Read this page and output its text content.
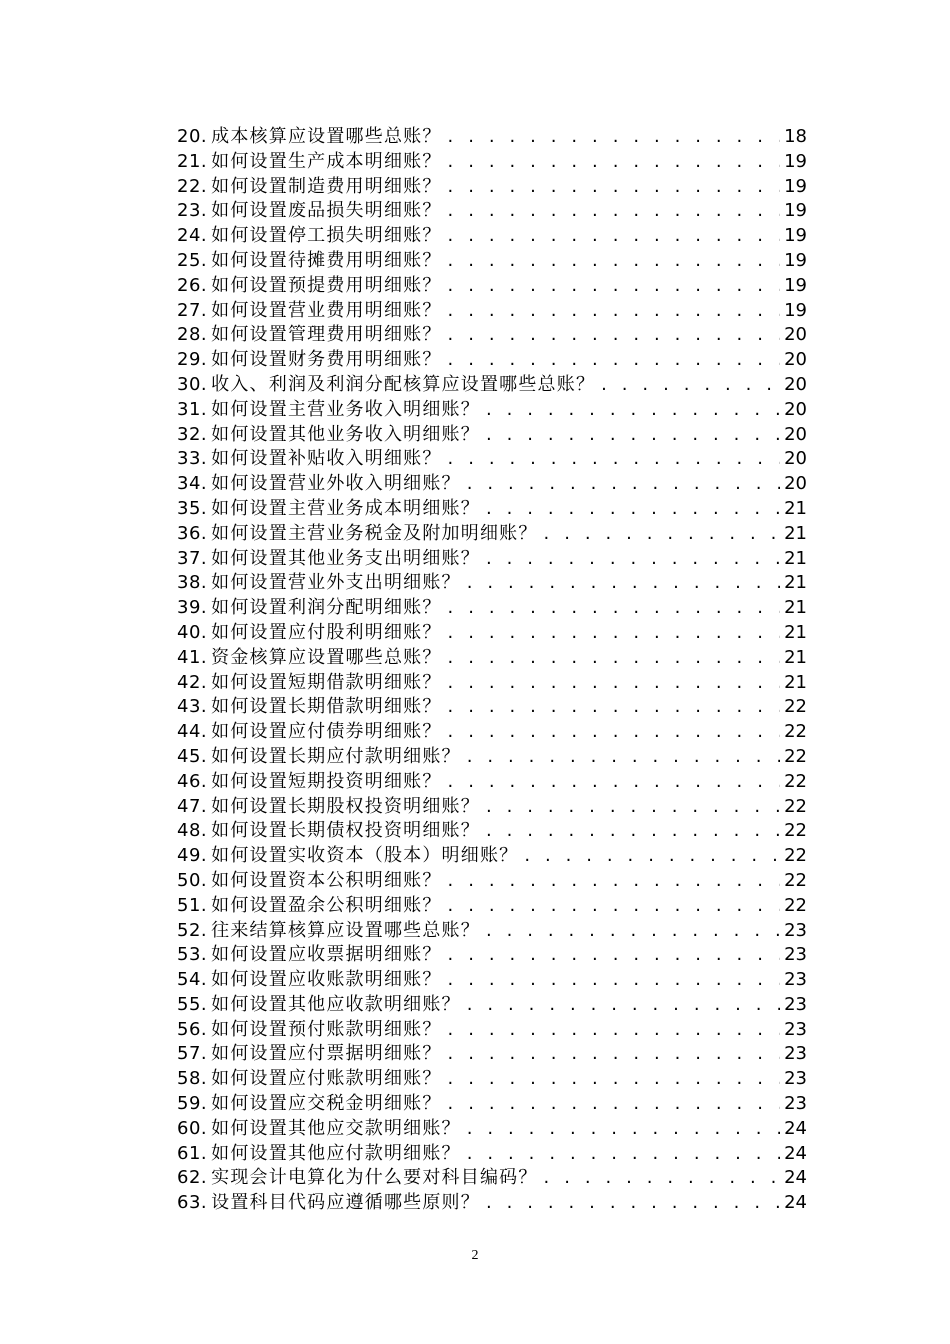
20. 成本核算应设置哪些总账？ . . .	18
21. 如何设置生产成本明细账？ . . .	19
22. 如何设置制造费用明细账？ . . .	19
23. 如何设置废品损失明细账？ . . .	19
24. 如何设置停工损失明细账？ . . .	19
25. 如何设置待摊费用明细账？ . . .	19
26. 如何设置预提费用明细账？ . . .	19
27. 如何设置营业费用明细账？ . . .	19
28. 如何设置管理费用明细账？ . . .	20
29. 如何设置财务费用明细账？ . . .	20
30. 收入、利润及利润分配核算应设置哪些总账？ . . .	20
31. 如何设置主营业务收入明细账？ . . .	20
32. 如何设置其他业务收入明细账？ . . .	20
33. 如何设置补贴收入明细账？ . . .	20
34. 如何设置营业外收入明细账？ . . .	20
35. 如何设置主营业务成本明细账？ . . .	21
36. 如何设置主营业务税金及附加明细账？ . . .	21
37. 如何设置其他业务支出明细账？ . . .	21
38. 如何设置营业外支出明细账？ . . .	21
39. 如何设置利润分配明细账？ . . .	21
40. 如何设置应付股利明细账？ . . .	21
41. 资金核算应设置哪些总账？ . . .	21
42. 如何设置短期借款明细账？ . . .	21
43. 如何设置长期借款明细账？ . . .	22
44. 如何设置应付债券明细账？ . . .	22
45. 如何设置长期应付款明细账？ . . .	22
46. 如何设置短期投资明细账？ . . .	22
47. 如何设置长期股权投资明细账？ . . .	22
48. 如何设置长期债权投资明细账？ . . .	22
49. 如何设置实收资本（股本）明细账？ . . .	22
50. 如何设置资本公积明细账？ . . .	22
51. 如何设置盈余公积明细账？ . . .	22
52. 往来结算核算应设置哪些总账？ . . .	23
53. 如何设置应收票据明细账？ . . .	23
54. 如何设置应收账款明细账？ . . .	23
55. 如何设置其他应收款明细账？ . . .	23
56. 如何设置预付账款明细账？ . . .	23
57. 如何设置应付票据明细账？ . . .	23
58. 如何设置应付账款明细账？ . . .	23
59. 如何设置应交税金明细账？ . . .	23
60. 如何设置其他应交款明细账？ . . .	24
61. 如何设置其他应付款明细账？ . . .	24
62. 实现会计电算化为什么要对科目编码？ . . .	24
63. 设置科目代码应遵循哪些原则？ . . .	24
2
